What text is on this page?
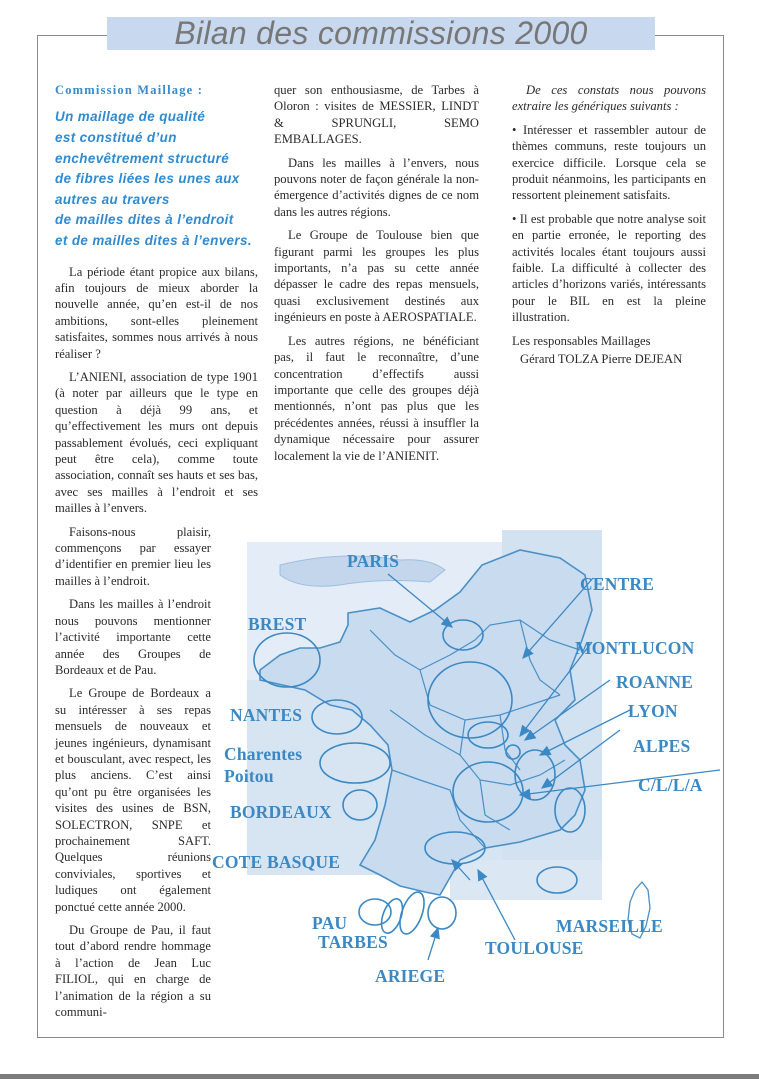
Bilan des commissions 2000
Commission Maillage :
Un maillage de qualité
est constitué d’un
enchevêtrement structuré
de fibres liées les unes aux
autres au travers
de mailles dites à l’endroit
et de mailles dites à l’envers.

La période étant propice aux bilans, afin toujours de mieux aborder la nouvelle année, qu’en est-il de nos ambitions, sont-elles pleinement satisfaites, sommes nous arrivés à nous réaliser ?

L’ANIENI, association de type 1901 (à noter par ailleurs que le type en question à déjà 99 ans, et qu’effectivement les murs ont depuis passablement évolués, ceci expliquant peut être cela), comme toute association, connaît ses hauts et ses bas, avec ses mailles à l’endroit et ses mailles à l’envers.

Faisons-nous plaisir, commençons par essayer d’identifier en premier lieu les mailles à l’endroit.

Dans les mailles à l’endroit nous pouvons mentionner l’activité importante cette année des Groupes de Bordeaux et de Pau.

Le Groupe de Bordeaux a su intéresser à ses repas mensuels de nouveaux et jeunes ingénieurs, dynamisant et bousculant, avec respect, les plus anciens. C’est ainsi qu’ont pu être organisées les visites des usines de BSN, SOLECTRON, SNPE et prochainement SAFT. Quelques réunions conviviales, sportives et ludiques ont également ponctué cette année 2000.

Du Groupe de Pau, il faut tout d’abord rendre hommage à l’action de Jean Luc FILIOL, qui en charge de l’animation de la région a su communi-

quer son enthousiasme, de Tarbes à Oloron : visites de MESSIER, LINDT & SPRUNGLI, SEMO EMBALLAGES.

Dans les mailles à l’envers, nous pouvons noter de façon générale la non-émergence d’activités dignes de ce nom dans les autres régions.

Le Groupe de Toulouse bien que figurant parmi les groupes les plus importants, n’a pas su cette année dépasser le cadre des repas mensuels, quasi exclusivement destinés aux ingénieurs en poste à AEROSPATIALE.

Les autres régions, ne bénéficiant pas, il faut le reconnaître, d’une concentration d’effectifs aussi importante que celle des groupes déjà mentionnés, n’ont pas plus que les précédentes années, réussi à insuffler la dynamique nécessaire pour assurer localement la vie de l’ANIENIT.

De ces constats nous pouvons extraire les génériques suivants :

• Intéresser et rassembler autour de thèmes communs, reste toujours un exercice difficile. Lorsque cela se produit néanmoins, les participants en ressortent pleinement satisfaits.

• Il est probable que notre analyse soit en partie erronée, le reporting des activités locales étant toujours aussi faible. La difficulté à collecter des articles d’horizons variés, intéressants pour le BIL en est la pleine illustration.

Les responsables Maillages

Gérard TOLZA Pierre DEJEAN

PARIS
CENTRE
BREST
MONTLUCON
ROANNE
NANTES	LYON
Charentes
Poitou
ALPES
C/L/L/A
BORDEAUX
COTE BASQUE
PAU
TARBES
ARIEGE
TOULOUSE
MARSEILLE
